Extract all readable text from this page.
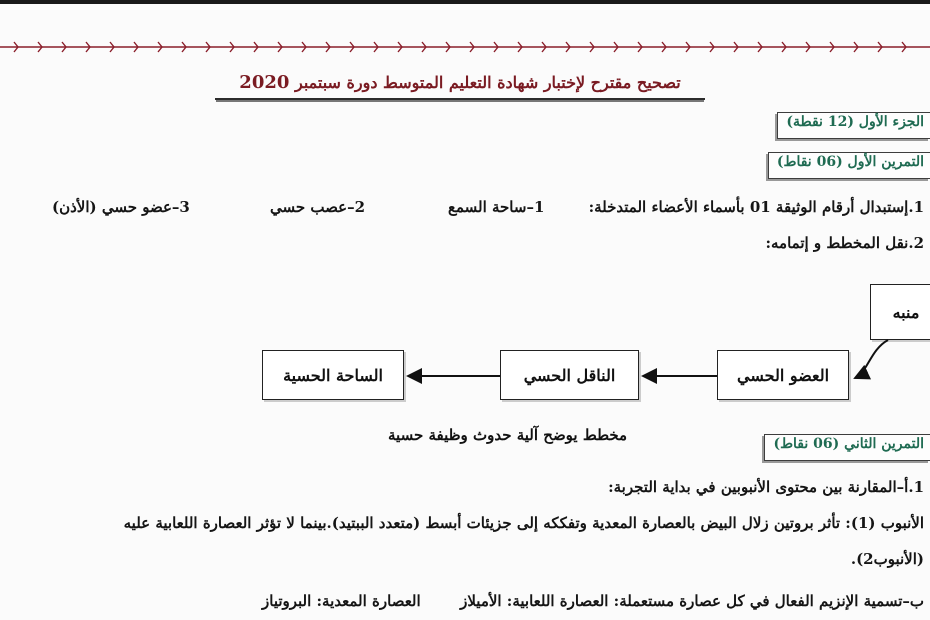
تصحيح مقترح لإختبار شهادة التعليم المتوسط دورة سبتمبر 2020
الجزء الأول (12 نقطة)
التمرين الأول (06 نقاط)
1.إستبدال أرقام الوثيقة 01 بأسماء الأعضاء المتدخلة:
1–ساحة السمع
2–عصب حسي
3–عضو حسي (الأذن)
2.نقل المخطط و إتمامه:
منبه
العضو الحسي
الناقل الحسي
الساحة الحسية
مخطط يوضح آلية حدوث وظيفة حسية	التمرين الثاني (06 نقاط)
1.أ–المقارنة بين محتوى الأنبوبين في بداية التجربة:
الأنبوب (1): تأثر بروتين زلال البيض بالعصارة المعدية وتفككه إلى جزيئات أبسط (متعدد الببتيد).بينما لا تؤثر العصارة اللعابية عليه
(الأنبوب2).
ب–تسمية الإنزيم الفعال في كل عصارة مستعملة: العصارة اللعابية: الأميلاز
العصارة المعدية: البروتياز
